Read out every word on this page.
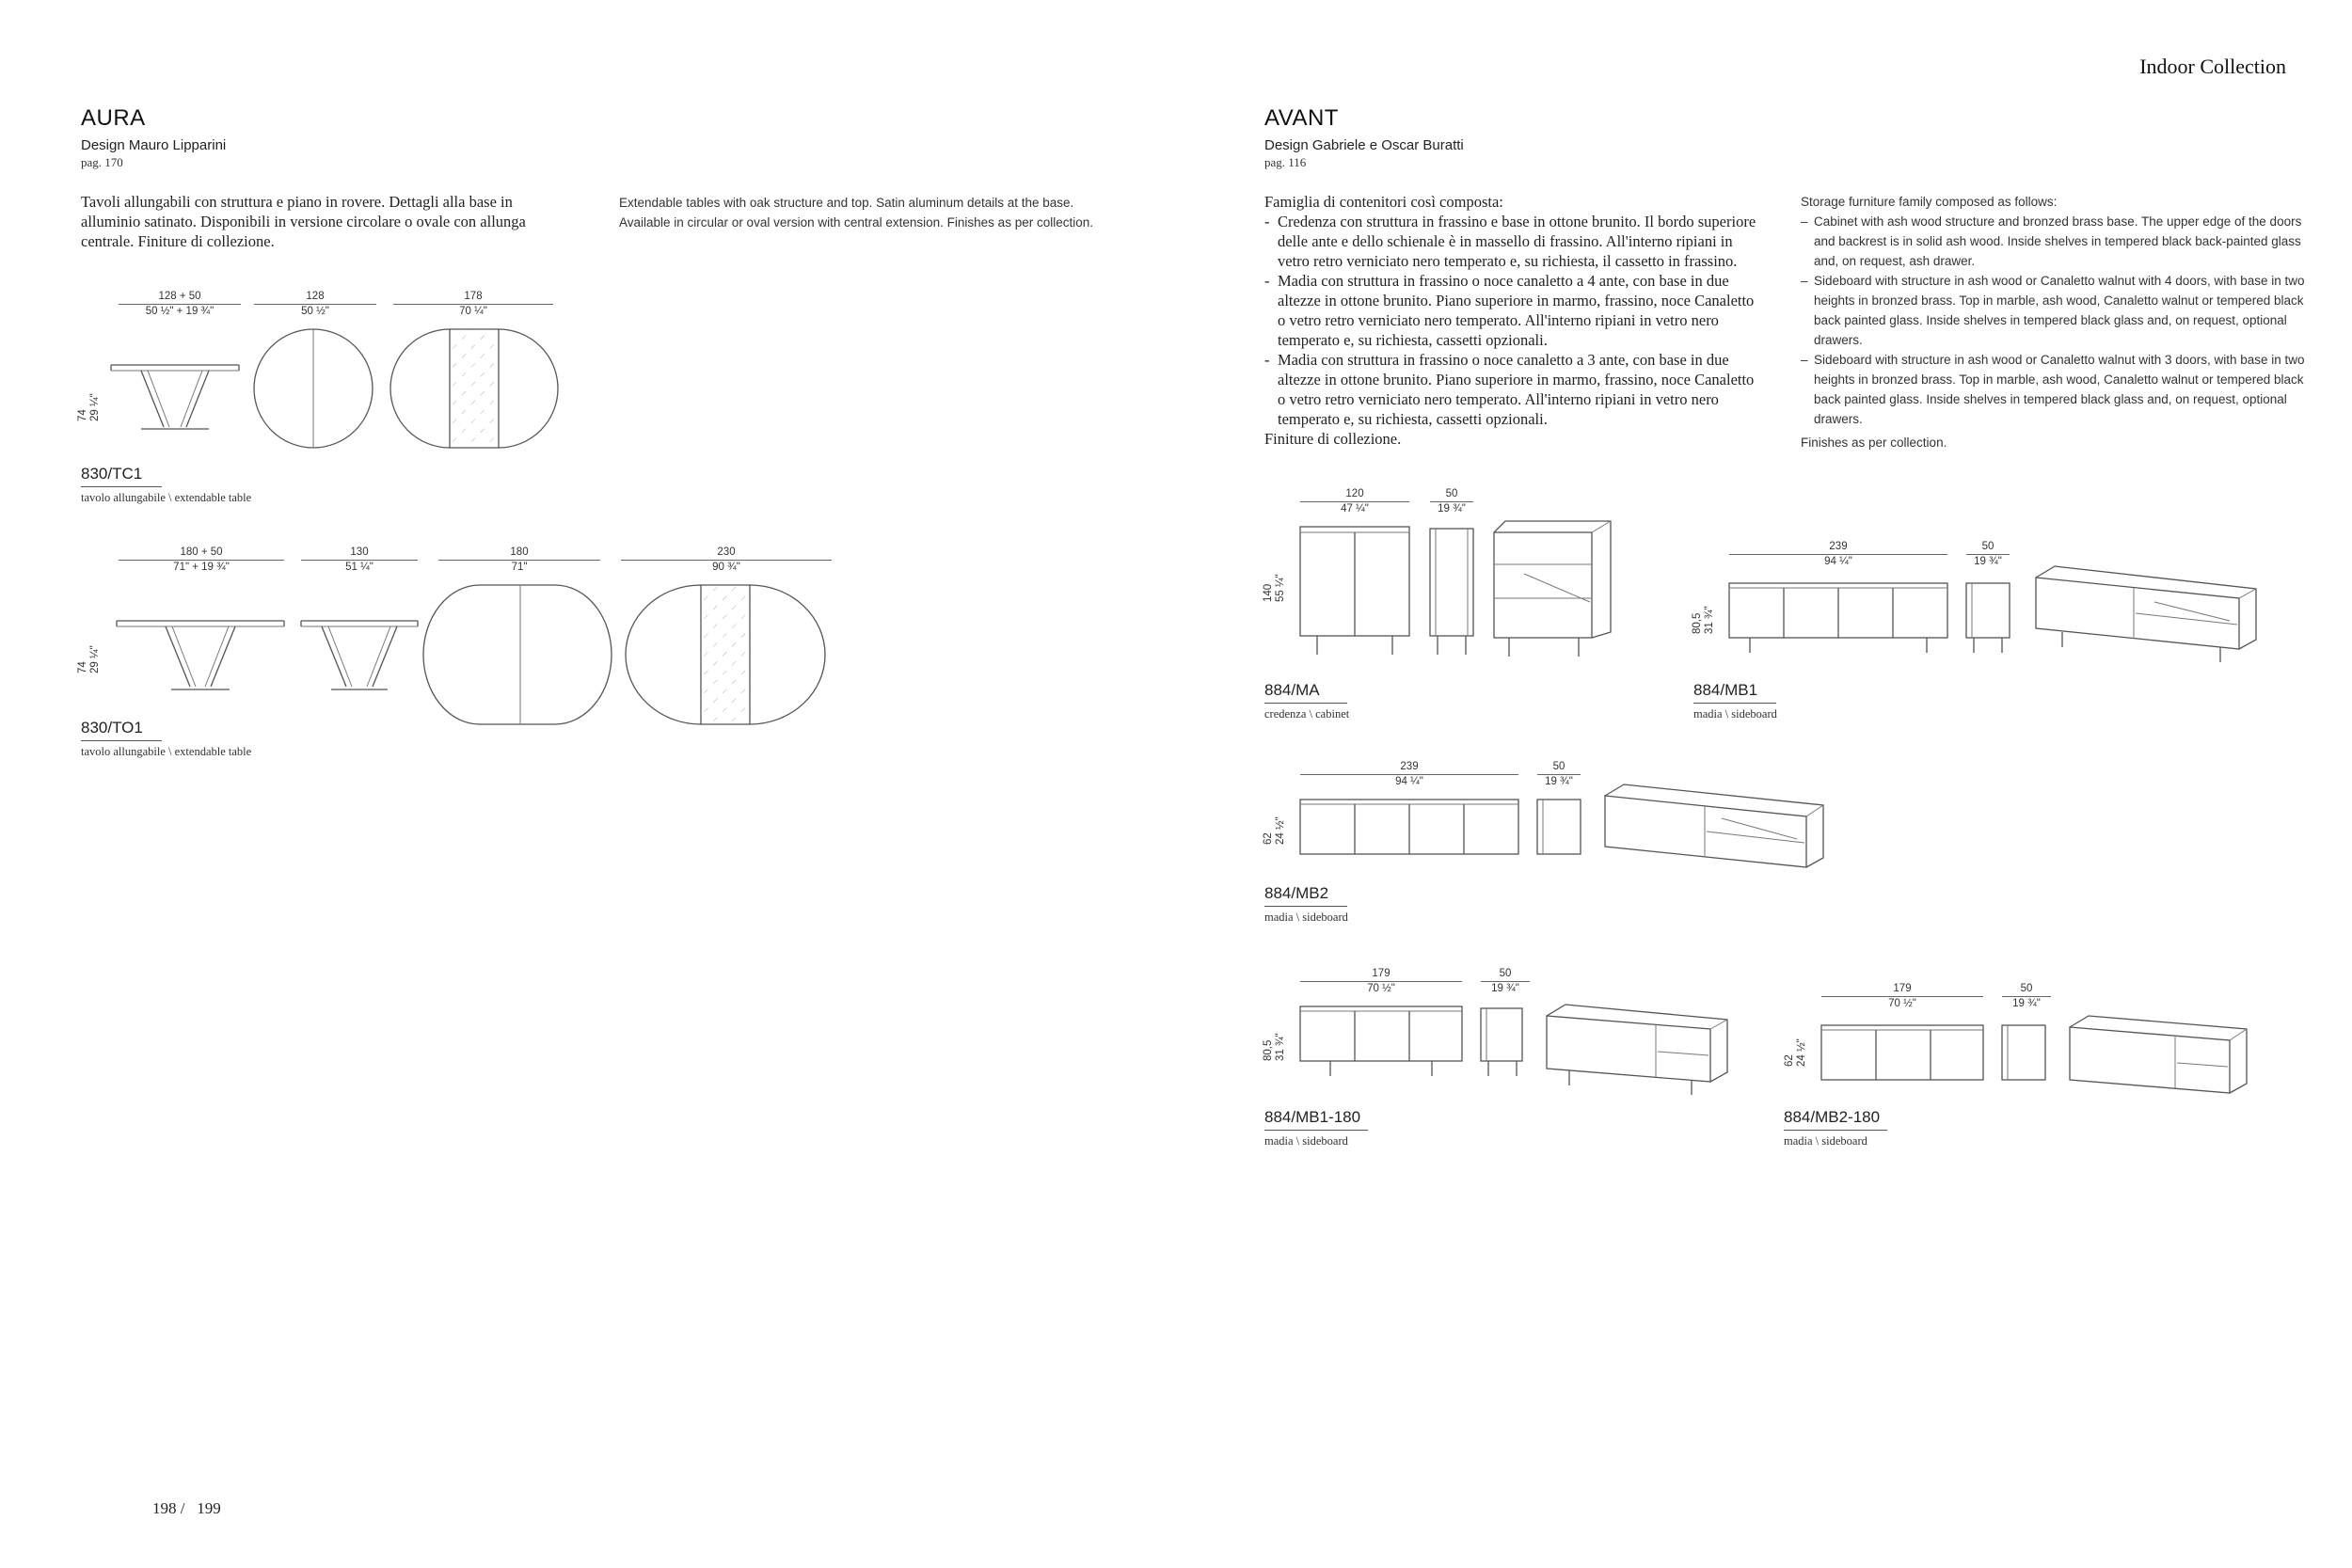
Indoor Collection
AURA
Design Mauro Lipparini
pag. 170
Tavoli allungabili con struttura e piano in rovere. Dettagli alla base in alluminio satinato. Disponibili in versione circolare o ovale con allunga centrale. Finiture di collezione.
Extendable tables with oak structure and top. Satin aluminum details at the base. Available in circular or oval version with central extension. Finishes as per collection.
128 + 50
50 ½" + 19 ¾"
128
50 ½"
178
70 ¼"
74 29 ¼"
830/TC1
tavolo allungabile \ extendable table
180 + 50
71" + 19 ¾"
130
51 ¼"
180
71"
230
90 ¾"
74 29 ¼"
830/TO1
tavolo allungabile \ extendable table
AVANT
Design Gabriele e Oscar Buratti
pag. 116
Famiglia di contenitori così composta:
- Credenza con struttura in frassino e base in ottone brunito. Il bordo superiore delle ante e dello schienale è in massello di frassino. All'interno ripiani in vetro retro verniciato nero temperato e, su richiesta, il cassetto in frassino.
- Madia con struttura in frassino o noce canaletto a 4 ante, con base in due altezze in ottone brunito. Piano superiore in marmo, frassino, noce Canaletto o vetro retro verniciato nero temperato. All'interno ripiani in vetro nero temperato e, su richiesta, cassetti opzionali.
- Madia con struttura in frassino o noce canaletto a 3 ante, con base in due altezze in ottone brunito. Piano superiore in marmo, frassino, noce Canaletto o vetro retro verniciato nero temperato. All'interno ripiani in vetro nero temperato e, su richiesta, cassetti opzionali.
Finiture di collezione.
Storage furniture family composed as follows:
– Cabinet with ash wood structure and bronzed brass base. The upper edge of the doors and backrest is in solid ash wood. Inside shelves in tempered black back-painted glass and, on request, ash drawer.
– Sideboard with structure in ash wood or Canaletto walnut with 4 doors, with base in two heights in bronzed brass. Top in marble, ash wood, Canaletto walnut or tempered black back painted glass. Inside shelves in tempered black glass and, on request, optional drawers.
– Sideboard with structure in ash wood or Canaletto walnut with 3 doors, with base in two heights in bronzed brass. Top in marble, ash wood, Canaletto walnut or tempered black back painted glass. Inside shelves in tempered black glass and, on request, optional drawers.
Finishes as per collection.
120
47 ¼"
50
19 ¾"
140 55 ¼"
884/MA
credenza \ cabinet
239
94 ¼"
50
19 ¾"
80,5 31 ¾"
884/MB1
madia \ sideboard
239
94 ¼"
50
19 ¾"
62 24 ½"
884/MB2
madia \ sideboard
179
70 ½"
50
19 ¾"
80,5 31 ¾"
884/MB1-180
madia \ sideboard
179
70 ½"
50
19 ¾"
62 24 ½"
884/MB2-180
madia \ sideboard
198 /   199
